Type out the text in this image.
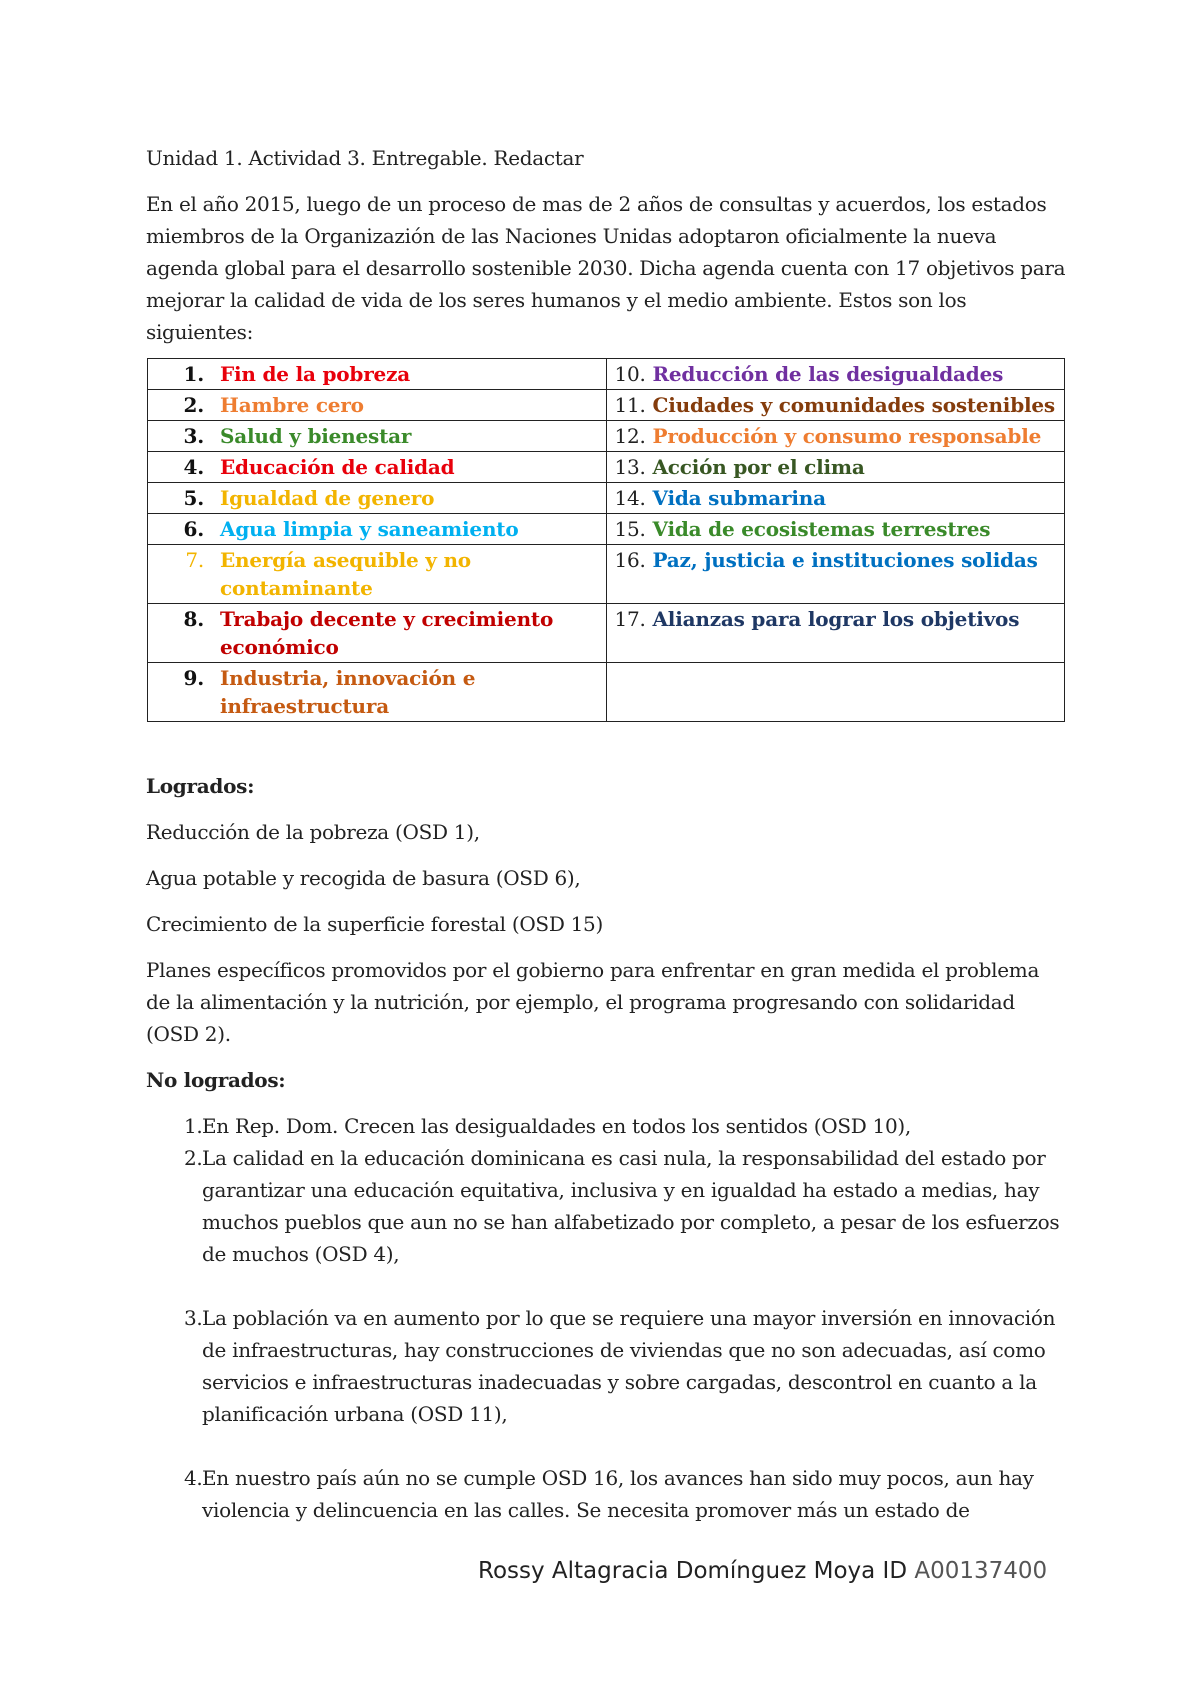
Unidad 1. Actividad 3. Entregable. Redactar

En el año 2015, luego de un proceso de mas de 2 años de consultas y acuerdos, los estados miembros de la Organizazión de las Naciones Unidas adoptaron oficialmente la nueva agenda global para el desarrollo sostenible 2030. Dicha agenda cuenta con 17 objetivos para mejorar la calidad de vida de los seres humanos y el medio ambiente. Estos son los siguientes:

1. Fin de la pobreza	10. Reducción de las desigualdades

2. Hambre cero	11. Ciudades y comunidades sostenibles

3. Salud y bienestar	12. Producción y consumo responsable

4. Educación de calidad	13. Acción por el clima

5. Igualdad de genero	14. Vida submarina

6. Agua limpia y saneamiento	15. Vida de ecosistemas terrestres

7. Energía asequible y no contaminante	16. Paz, justicia e instituciones solidas

8. Trabajo decente y crecimiento económico	17. Alianzas para lograr los objetivos

9. Industria, innovación e infraestructura	

Logrados:

Reducción de la pobreza (OSD 1),

Agua potable y recogida de basura (OSD 6),

Crecimiento de la superficie forestal (OSD 15)

Planes específicos promovidos por el gobierno para enfrentar en gran medida el problema de la alimentación y la nutrición, por ejemplo, el programa progresando con solidaridad (OSD 2).

No logrados:

1. En Rep. Dom. Crecen las desigualdades en todos los sentidos (OSD 10),
2. La calidad en la educación dominicana es casi nula, la responsabilidad del estado por garantizar una educación equitativa, inclusiva y en igualdad ha estado a medias, hay muchos pueblos que aun no se han alfabetizado por completo, a pesar de los esfuerzos de muchos (OSD 4),
3. La población va en aumento por lo que se requiere una mayor inversión en innovación de infraestructuras, hay construcciones de viviendas que no son adecuadas, así como servicios e infraestructuras inadecuadas y sobre cargadas, descontrol en cuanto a la planificación urbana (OSD 11),
4. En nuestro país aún no se cumple OSD 16, los avances han sido muy pocos, aun hay violencia y delincuencia en las calles. Se necesita promover más un estado de
Rossy Altagracia Domínguez Moya ID A00137400
